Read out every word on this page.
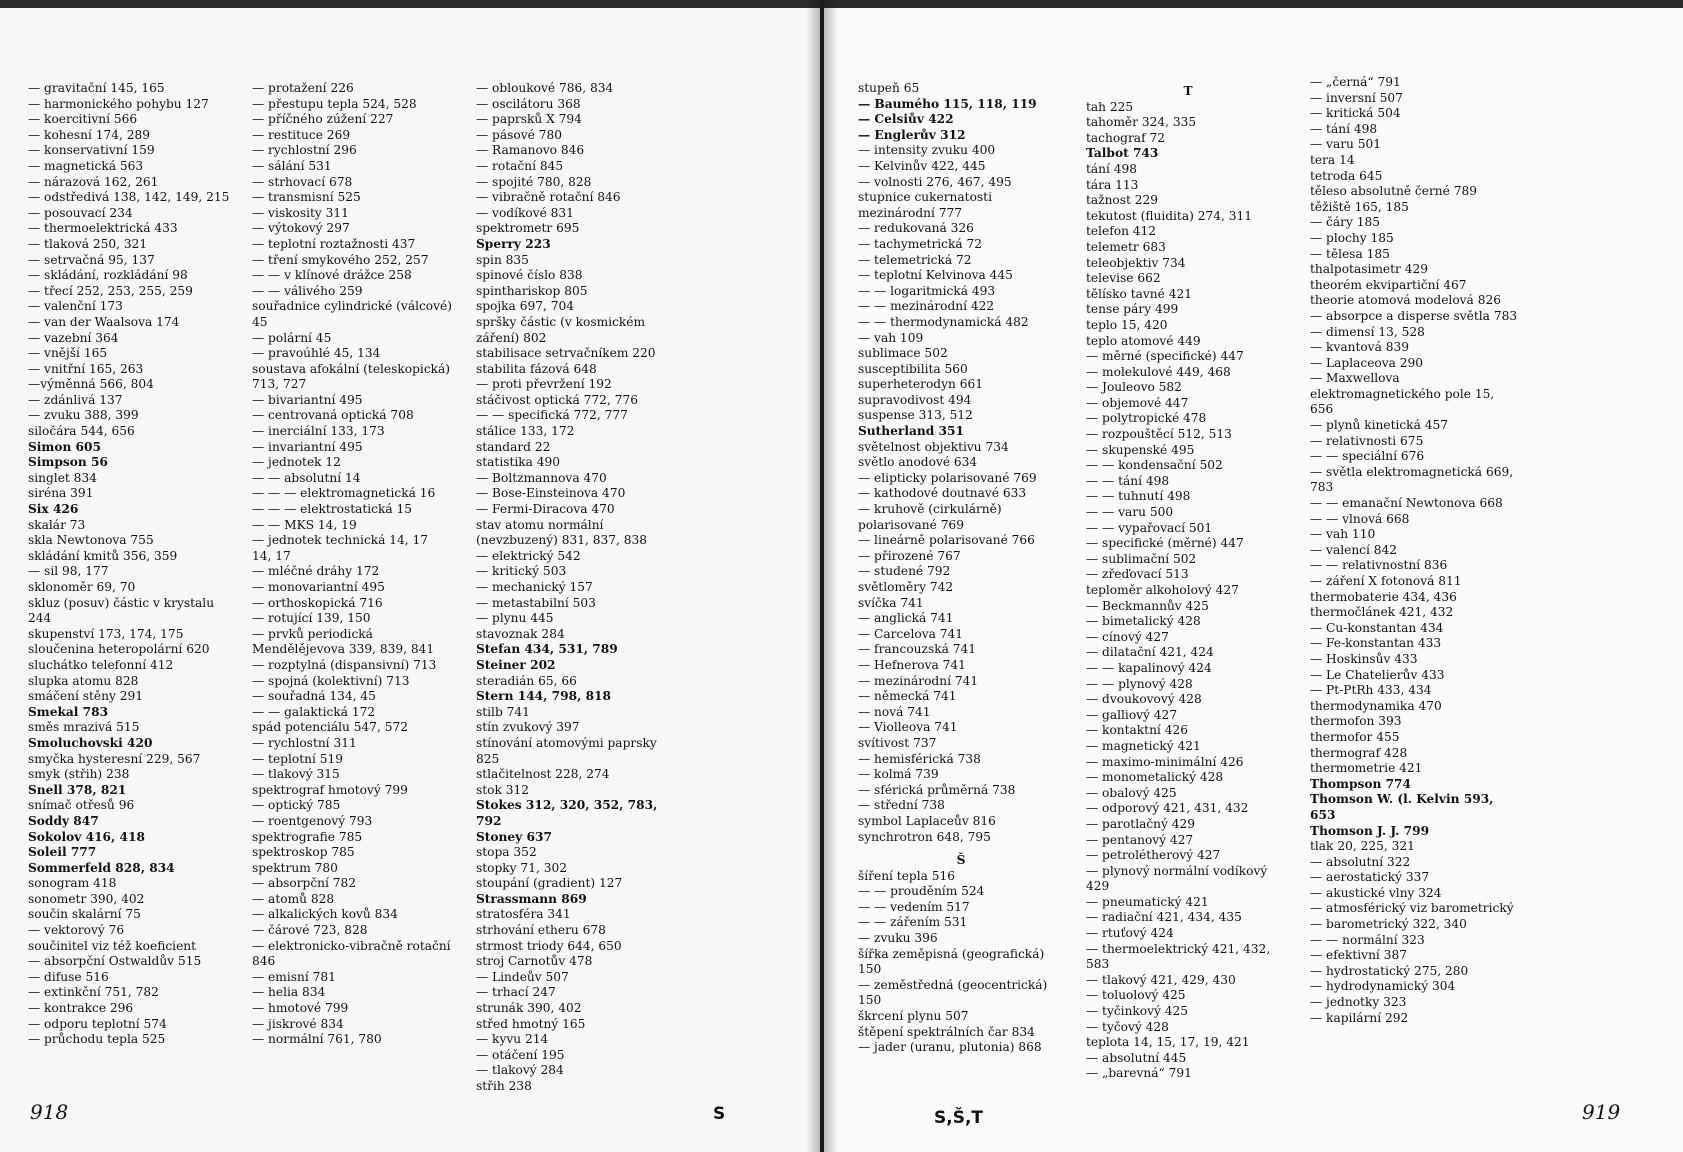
— gravitační 145, 165
— harmonického pohybu 127
— koercitivní 566
— kohesní 174, 289
— konservativní 159
— magnetická 563
— nárazová 162, 261
— odstředivá 138, 142, 149, 215
— posouvací 234
— thermoelektrická 433
— tlaková 250, 321
— setrvačná 95, 137
— skládání, rozkládání 98
— třecí 252, 253, 255, 259
— valenční 173
— van der Waalsova 174
— vazební 364
— vnější 165
— vnitřní 165, 263
—výměnná 566, 804
— zdánlivá 137
— zvuku 388, 399
siločára 544, 656
Simon 605
Simpson 56
singlet 834
siréna 391
Six 426
skalár 73
skla Newtonova 755
skládání kmitů 356, 359
— sil 98, 177
sklonoměr 69, 70
skluz (posuv) částic v krystalu 244
skupenství 173, 174, 175
sloučenina heteropolární 620
sluchátko telefonní 412
slupka atomu 828
smáčení stěny 291
Smekal 783
směs mrazivá 515
Smoluchovski 420
smyčka hysteresní 229, 567
smyk (střih) 238
Snell 378, 821
snímač otřesů 96
Soddy 847
Sokolov 416, 418
Soleil 777
Sommerfeld 828, 834
sonogram 418
sonometr 390, 402
součin skalární 75
— vektorový 76
součinitel viz též koeficient
— absorpční Ostwaldův 515
— difuse 516
— extinkční 751, 782
— kontrakce 296
— odporu teplotní 574
— průchodu tepla 525
— protažení 226
— přestupu tepla 524, 528
— příčného zúžení 227
— restituce 269
— rychlostní 296
— sálání 531
— strhovací 678
— transmisní 525
— viskosity 311
— výtokový 297
— teplotní roztažnosti 437
— tření smykového 252, 257
— — v klínové drážce 258
— — válivého 259
souřadnice cylindrické (válcové) 45
— polární 45
— pravoúhlé 45, 134
soustava afokální (teleskopická) 713, 727
— bivariantní 495
— centrovaná optická 708
— inerciální 133, 173
— invariantní 495
— jednotek 12
— — absolutní 14
— — — elektromagnetická 16
— — — elektrostatická 15
— — MKS 14, 19
— jednotek technická 14, 17
14, 17
— mléčné dráhy 172
— monovariantní 495
— orthoskopická 716
— rotující 139, 150
— prvků periodická Mendělějevova 339, 839, 841
— rozptylná (dispansivní) 713
— spojná (kolektivní) 713
— souřadná 134, 45
— — galaktická 172
spád potenciálu 547, 572
— rychlostní 311
— teplotní 519
— tlakový 315
spektrograf hmotový 799
— optický 785
— roentgenový 793
spektrografie 785
spektroskop 785
spektrum 780
— absorpční 782
— atomů 828
— alkalických kovů 834
— čárové 723, 828
— elektronicko-vibračně rotační 846
— emisní 781
— helia 834
— hmotové 799
— jiskrové 834
— normální 761, 780
— obloukové 786, 834
— oscilátoru 368
— paprsků X 794
— pásové 780
— Ramanovo 846
— rotační 845
— spojité 780, 828
— vibračně rotační 846
— vodíkové 831
spektrometr 695
Sperry 223
spin 835
spinové číslo 838
spinthariskop 805
spojka 697, 704
spršky částic (v kosmickém záření) 802
stabilisace setrvačníkem 220
stabilita fázová 648
— proti převržení 192
stáčivost optická 772, 776
— — specifická 772, 777
stálice 133, 172
standard 22
statistika 490
— Boltzmannova 470
— Bose-Einsteinova 470
— Fermi-Diracova 470
stav atomu normální (nevzbuzený) 831, 837, 838
— elektrický 542
— kritický 503
— mechanický 157
— metastabilní 503
— plynu 445
stavoznak 284
Stefan 434, 531, 789
Steiner 202
steradián 65, 66
Stern 144, 798, 818
stilb 741
stín zvukový 397
stínování atomovými paprsky 825
stlačitelnost 228, 274
stok 312
Stokes 312, 320, 352, 783, 792
Stoney 637
stopa 352
stopky 71, 302
stoupání (gradient) 127
Strassmann 869
stratosféra 341
strhování etheru 678
strmost triody 644, 650
stroj Carnotův 478
— Lindeův 507
— trhací 247
strunák 390, 402
střed hmotný 165
— kyvu 214
— otáčení 195
— tlakový 284
střih 238
918	S
stupeň 65
— Baumého 115, 118, 119
— Celsiův 422
— Englerův 312
— intensity zvuku 400
— Kelvinův 422, 445
— volnosti 276, 467, 495
stupnice cukernatosti mezinárodní 777
— redukovaná 326
— tachymetrická 72
— telemetrická 72
— teplotní Kelvinova 445
— — logaritmická 493
— — mezinárodní 422
— — thermodynamická 482
— vah 109
sublimace 502
susceptibilita 560
superheterodyn 661
supravodivost 494
suspense 313, 512
Sutherland 351
světelnost objektivu 734
světlo anodové 634
— elipticky polarisované 769
— kathodové doutnavé 633
— kruhově (cirkulárně) polarisované 769
— lineárně polarisované 766
— přirozené 767
— studené 792
světloměry 742
svíčka 741
— anglická 741
— Carcelova 741
— francouzská 741
— Hefnerova 741
— mezinárodní 741
— německá 741
— nová 741
— Violleova 741
svítivost 737
— hemisférická 738
— kolmá 739
— sférická průměrná 738
— střední 738
symbol Laplaceův 816
synchrotron 648, 795
Š
šíření tepla 516
— — prouděním 524
— — vedením 517
— — zářením 531
— zvuku 396
šířka zeměpisná (geografická) 150
— zeměstředná (geocentrická) 150
škrcení plynu 507
štěpení spektrálních čar 834
— jader (uranu, plutonia) 868
T
tah 225
tahoměr 324, 335
tachograf 72
Talbot 743
tání 498
tára 113
tažnost 229
tekutost (fluidita) 274, 311
telefon 412
telemetr 683
teleobjektiv 734
televise 662
tělísko tavné 421
tense páry 499
teplo 15, 420
teplo atomové 449
— měrné (specifické) 447
— molekulové 449, 468
— Jouleovo 582
— objemové 447
— polytropické 478
— rozpouštěcí 512, 513
— skupenské 495
— — kondensační 502
— — tání 498
— — tuhnutí 498
— — varu 500
— — vypařovací 501
— specifické (měrné) 447
— sublimační 502
— zřeďovací 513
teploměr alkoholový 427
— Beckmannův 425
— bimetalický 428
— cínový 427
— dilatační 421, 424
— — kapalinový 424
— — plynový 428
— dvoukovový 428
— galliový 427
— kontaktní 426
— magnetický 421
— maximo-minimální 426
— monometalický 428
— obalový 425
— odporový 421, 431, 432
— parotlačný 429
— pentanový 427
— petrolétherový 427
— plynový normální vodíkový 429
— pneumatický 421
— radiační 421, 434, 435
— rtuťový 424
— thermoelektrický 421, 432, 583
— tlakový 421, 429, 430
— toluolový 425
— tyčinkový 425
— tyčový 428
teplota 14, 15, 17, 19, 421
— absolutní 445
— „barevná“ 791
— „černá“ 791
— inversní 507
— kritická 504
— tání 498
— varu 501
tera 14
tetroda 645
těleso absolutně černé 789
těžiště 165, 185
— čáry 185
— plochy 185
— tělesa 185
thalpotasimetr 429
theorém ekvipartiční 467
theorie atomová modelová 826
— absorpce a disperse světla 783
— dimensí 13, 528
— kvantová 839
— Laplaceova 290
— Maxwellova elektromagnetického pole 15, 656
— plynů kinetická 457
— relativnosti 675
— — speciální 676
— světla elektromagnetická 669, 783
— — emanační Newtonova 668
— — vlnová 668
— vah 110
— valencí 842
— — relativnostní 836
— záření X fotonová 811
thermobaterie 434, 436
thermočlánek 421, 432
— Cu-konstantan 434
— Fe-konstantan 433
— Hoskinsův 433
— Le Chatelierův 433
— Pt-PtRh 433, 434
thermodynamika 470
thermofon 393
thermofor 455
thermograf 428
thermometrie 421
Thompson 774
Thomson W. (l. Kelvin 593, 653
Thomson J. J. 799
tlak 20, 225, 321
— absolutní 322
— aerostatický 337
— akustické vlny 324
— atmosférický viz barometrický
— barometrický 322, 340
— — normální 323
— efektivní 387
— hydrostatický 275, 280
— hydrodynamický 304
— jednotky 323
— kapilární 292
S,Š,T	919
